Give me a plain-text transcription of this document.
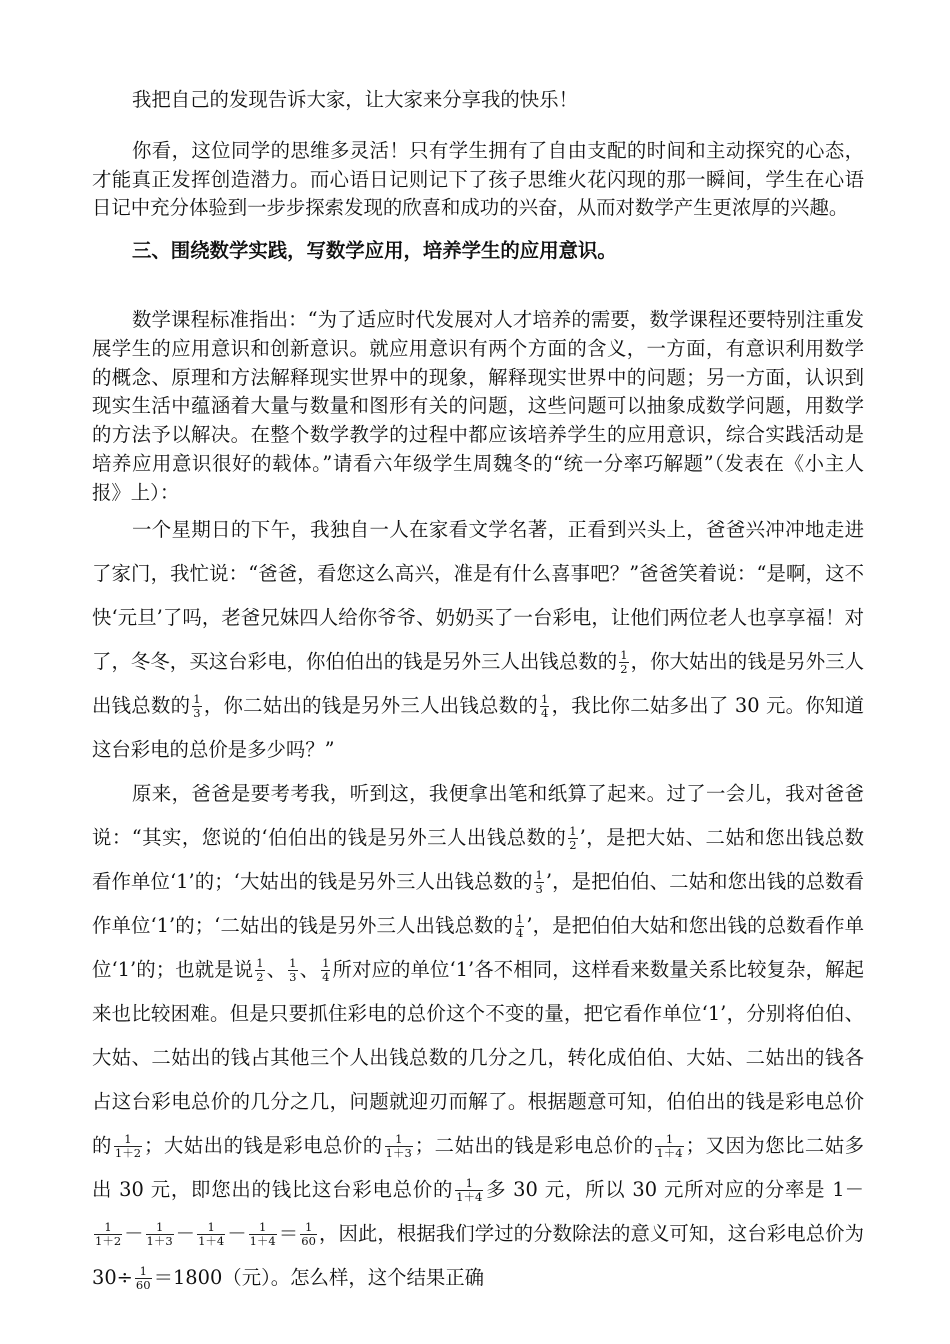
我把自己的发现告诉大家，让大家来分享我的快乐！

你看，这位同学的思维多灵活！只有学生拥有了自由支配的时间和主动探究的心态，才能真正发挥创造潜力。而心语日记则记下了孩子思维火花闪现的那一瞬间，学生在心语日记中充分体验到一步步探索发现的欣喜和成功的兴奋，从而对数学产生更浓厚的兴趣。

三、围绕数学实践，写数学应用，培养学生的应用意识。

数学课程标准指出：“为了适应时代发展对人才培养的需要，数学课程还要特别注重发展学生的应用意识和创新意识。就应用意识有两个方面的含义，一方面，有意识利用数学的概念、原理和方法解释现实世界中的现象，解释现实世界中的问题；另一方面，认识到现实生活中蕴涵着大量与数量和图形有关的问题，这些问题可以抽象成数学问题，用数学的方法予以解决。在整个数学教学的过程中都应该培养学生的应用意识，综合实践活动是培养应用意识很好的载体。”请看六年级学生周魏冬的“统一分率巧解题”（发表在《小主人报》上）：

一个星期日的下午，我独自一人在家看文学名著，正看到兴头上，爸爸兴冲冲地走进了家门，我忙说：“爸爸，看您这么高兴，准是有什么喜事吧？”爸爸笑着说：“是啊，这不快‘元旦’了吗，老爸兄妹四人给你爷爷、奶奶买了一台彩电，让他们两位老人也享享福！对了，冬冬，买这台彩电，你伯伯出的钱是另外三人出钱总数的 $\frac{1}{2}$ ，你大姑出的钱是另外三人出钱总数的 $\frac{1}{3}$ ，你二姑出的钱是另外三人出钱总数的 $\frac{1}{4}$ ，我比你二姑多出了 30 元。你知道这台彩电的总价是多少吗？”

原来，爸爸是要考考我，听到这，我便拿出笔和纸算了起来。过了一会儿，我对爸爸说：“其实，您说的‘伯伯出的钱是另外三人出钱总数的 $\frac{1}{2}$ ’，是把大姑、二姑和您出钱总数看作单位‘1’的；‘大姑出的钱是另外三人出钱总数的 $\frac{1}{3}$ ’，是把伯伯、二姑和您出钱的总数看作单位‘1’的；‘二姑出的钱是另外三人出钱总数的 $\frac{1}{4}$ ’，是把伯伯大姑和您出钱的总数看作单位‘1’的；也就是说 $\frac{1}{2}$ 、 $\frac{1}{3}$ 、 $\frac{1}{4}$ 所对应的单位‘1’各不相同，这样看来数量关系比较复杂，解起来也比较困难。但是只要抓住彩电的总价这个不变的量，把它看作单位‘1’，分别将伯伯、大姑、二姑出的钱占其他三个人出钱总数的几分之几，转化成伯伯、大姑、二姑出的钱各占这台彩电总价的几分之几，问题就迎刃而解了。根据题意可知，伯伯出的钱是彩电总价的 $\frac{1}{1+2}$ ；大姑出的钱是彩电总价的 $\frac{1}{1+3}$ ；二姑出的钱是彩电总价的 $\frac{1}{1+4}$ ；又因为您比二姑多出 30 元，即您出的钱比这台彩电总价的 $\frac{1}{1+4}$ 多 30 元，所以 30 元所对应的分率是 1－
$\frac{1}{1+2} - \frac{1}{1+3} - \frac{1}{1+4} - \frac{1}{1+4} = \frac{1}{60}$ ，因此，根据我们学过的分数除法的意义可知，这台彩电总价为 $30\div \frac{1}{60} =1800$（元）。怎么样，这个结果正确
